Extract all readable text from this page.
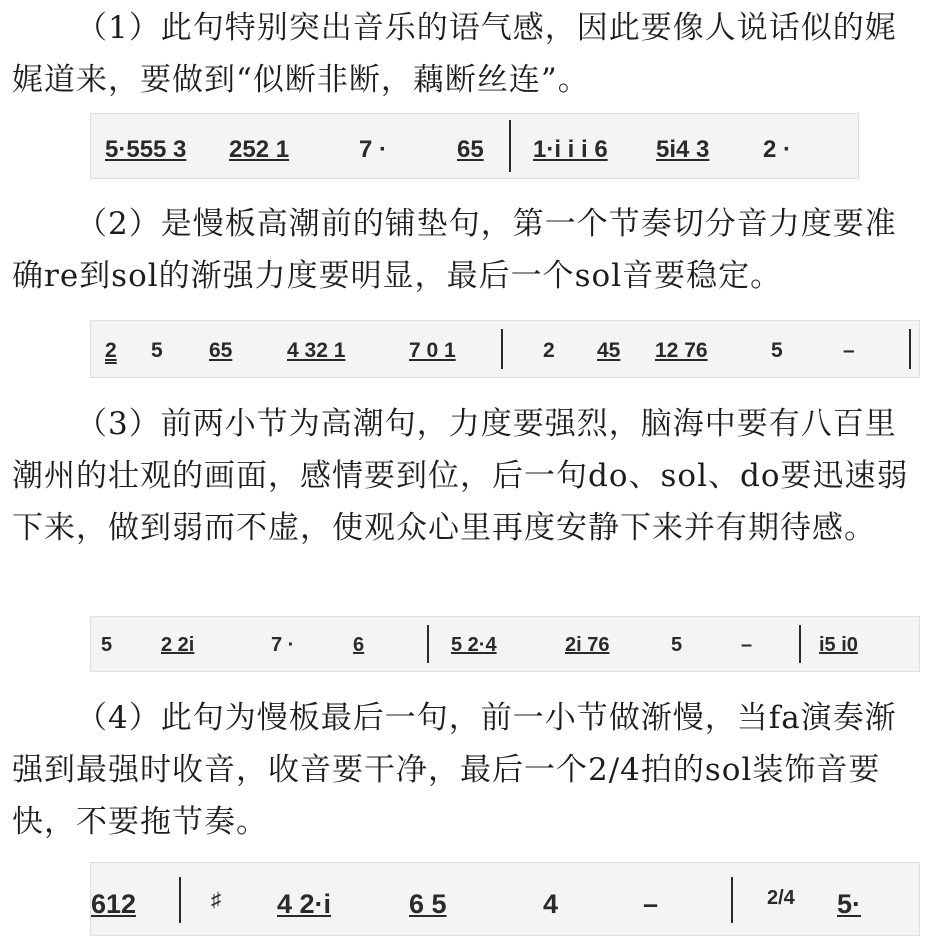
（1）此句特别突出音乐的语气感，因此要像人说话似的娓娓道来，要做到“似断非断，藕断丝连”。

5·555 3 252 1	7 ·	65 1·i i i 6 5i4 3 2 ·

（2）是慢板高潮前的铺垫句，第一个节奏切分音力度要准确re到sol的渐强力度要明显，最后一个sol音要稳定。

2 5 65	4 32 1	7 0 1	2 45 12 76	5	–

（3）前两小节为高潮句，力度要强烈，脑海中要有八百里潮州的壮观的画面，感情要到位，后一句do、sol、do要迅速弱下来，做到弱而不虚，使观众心里再度安静下来并有期待感。

5 2 2i	7 ·	6	5 2·4	2i 76	5	–	i5 i0

（4）此句为慢板最后一句，前一小节做渐慢，当fa演奏渐强到最强时收音，收音要干净，最后一个2/4拍的sol装饰音要快，不要拖节奏。

612	♯ 4 2·i	6 5	4	–	2/4 5·
